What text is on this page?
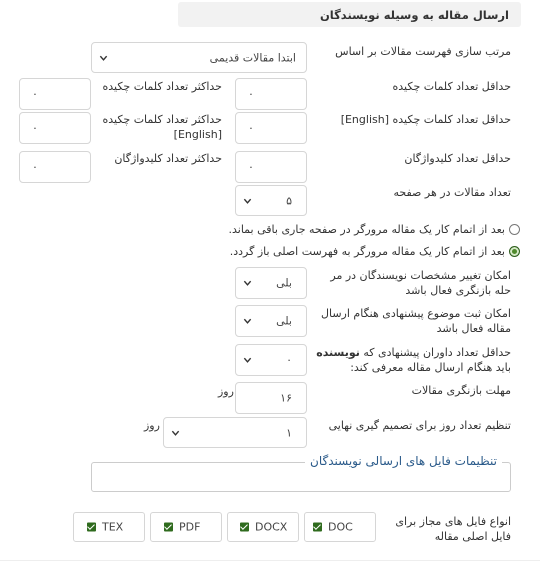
ارسال مقاله به وسیله نویسندگان
مرتب سازی فهرست مقالات بر اساس
ابتدا مقالات قدیمی
حداقل تعداد کلمات چکیده
۰
حداکثر تعداد کلمات چکیده
۰
حداقل تعداد کلمات چکیده [English]
۰
حداکثر تعداد کلمات چکیده
[English]
۰
حداقل تعداد کلیدواژگان
۰
حداکثر تعداد کلیدواژگان
۰
تعداد مقالات در هر صفحه
۵
بعد از اتمام کار یک مقاله مرورگر در صفحه جاری باقی بماند.
بعد از اتمام کار یک مقاله مرورگر به فهرست اصلی باز گردد.
امکان تغییر مشخصات نویسندگان در مر
حله بازنگری فعال باشد
بلی
امکان ثبت موضوع پیشنهادی هنگام ارسال
مقاله فعال باشد
بلی
حداقل تعداد داوران پیشنهادی که نویسنده
باید هنگام ارسال مقاله معرفی کند:
۰
مهلت بازنگری مقالات
۱۶
روز
تنظیم تعداد روز برای تصمیم گیری نهایی
۱
روز
تنظیمات فایل های ارسالی نویسندگان
انواع فایل های مجاز برای
فایل اصلی مقاله
DOC
DOCX
PDF
TEX
